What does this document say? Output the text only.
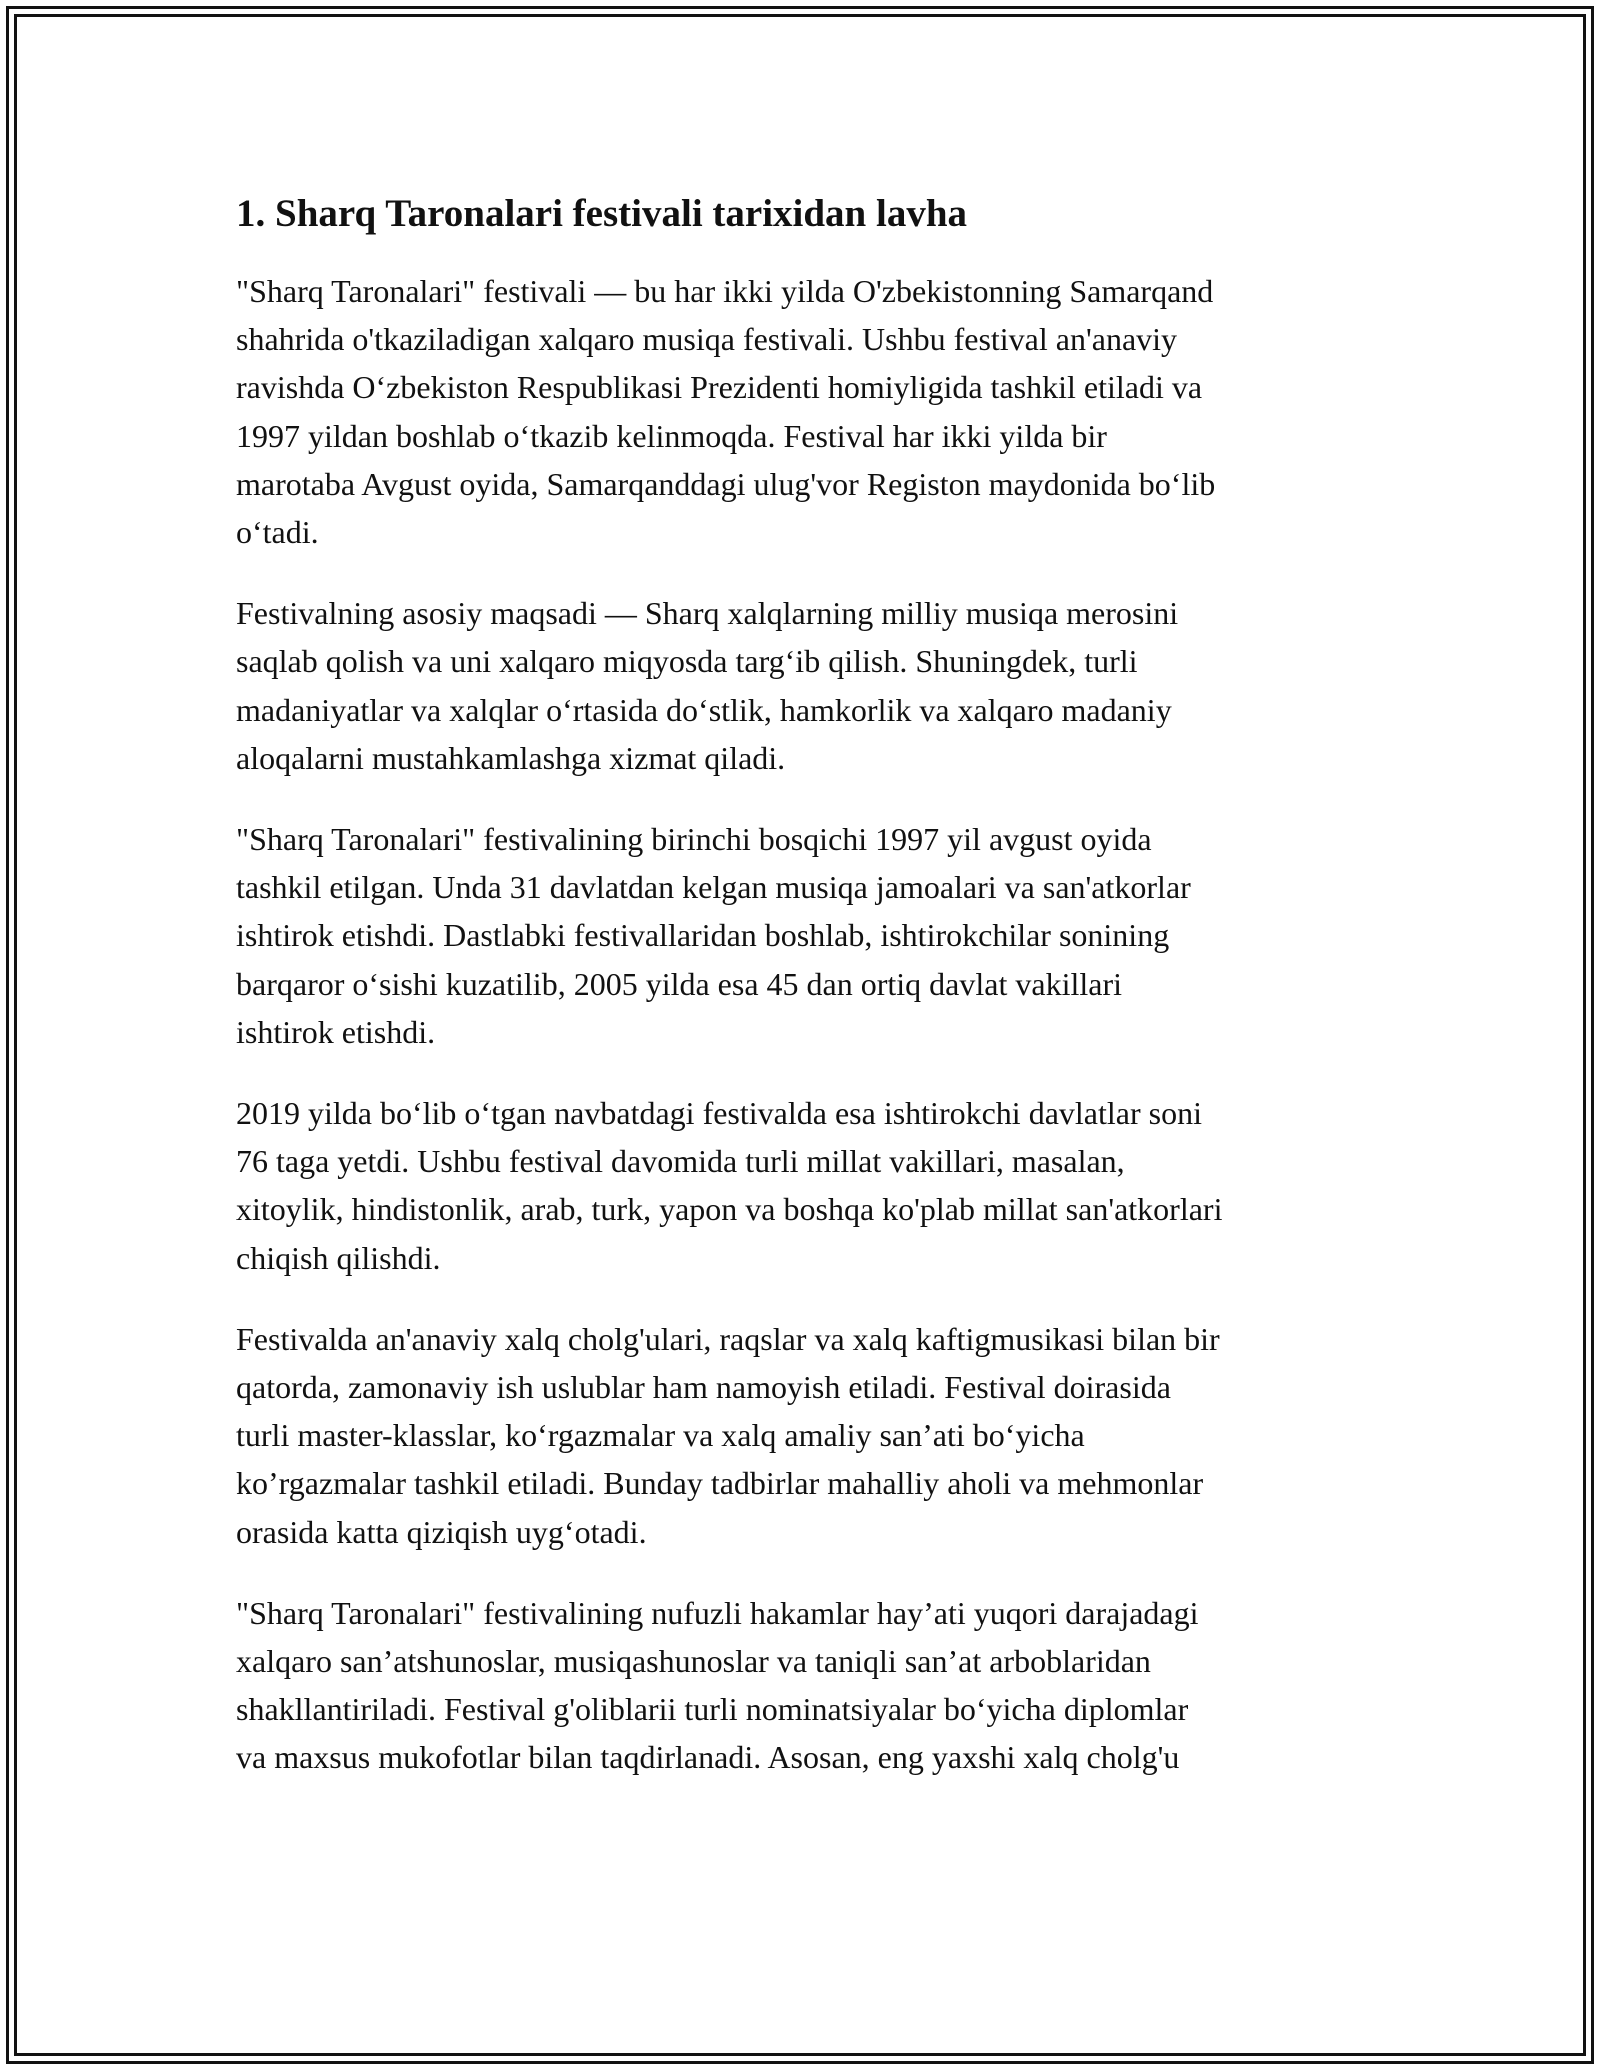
1. Sharq Taronalari festivali tarixidan lavha

"Sharq Taronalari" festivali — bu har ikki yilda O'zbekistonning Samarqand
shahrida o'tkaziladigan xalqaro musiqa festivali. Ushbu festival an'anaviy
ravishda O‘zbekiston Respublikasi Prezidenti homiyligida tashkil etiladi va
1997 yildan boshlab o‘tkazib kelinmoqda. Festival har ikki yilda bir
marotaba Avgust oyida, Samarqanddagi ulug'vor Registon maydonida bo‘lib
o‘tadi.

Festivalning asosiy maqsadi — Sharq xalqlarning milliy musiqa merosini
saqlab qolish va uni xalqaro miqyosda targ‘ib qilish. Shuningdek, turli
madaniyatlar va xalqlar o‘rtasida do‘stlik, hamkorlik va xalqaro madaniy
aloqalarni mustahkamlashga xizmat qiladi.

"Sharq Taronalari" festivalining birinchi bosqichi 1997 yil avgust oyida
tashkil etilgan. Unda 31 davlatdan kelgan musiqa jamoalari va san'atkorlar
ishtirok etishdi. Dastlabki festivallaridan boshlab, ishtirokchilar sonining
barqaror o‘sishi kuzatilib, 2005 yilda esa 45 dan ortiq davlat vakillari
ishtirok etishdi.

2019 yilda bo‘lib o‘tgan navbatdagi festivalda esa ishtirokchi davlatlar soni
76 taga yetdi. Ushbu festival davomida turli millat vakillari, masalan,
xitoylik, hindistonlik, arab, turk, yapon va boshqa ko'plab millat san'atkorlari
chiqish qilishdi.

Festivalda an'anaviy xalq cholg'ulari, raqslar va xalq kaftigmusikasi bilan bir
qatorda, zamonaviy ish uslublar ham namoyish etiladi. Festival doirasida
turli master-klasslar, ko‘rgazmalar va xalq amaliy san’ati bo‘yicha
ko’rgazmalar tashkil etiladi. Bunday tadbirlar mahalliy aholi va mehmonlar
orasida katta qiziqish uyg‘otadi.

"Sharq Taronalari" festivalining nufuzli hakamlar hay’ati yuqori darajadagi
xalqaro san’atshunoslar, musiqashunoslar va taniqli san’at arboblaridan
shakllantiriladi. Festival g'oliblarii turli nominatsiyalar bo‘yicha diplomlar
va maxsus mukofotlar bilan taqdirlanadi. Asosan, eng yaxshi xalq cholg'u
